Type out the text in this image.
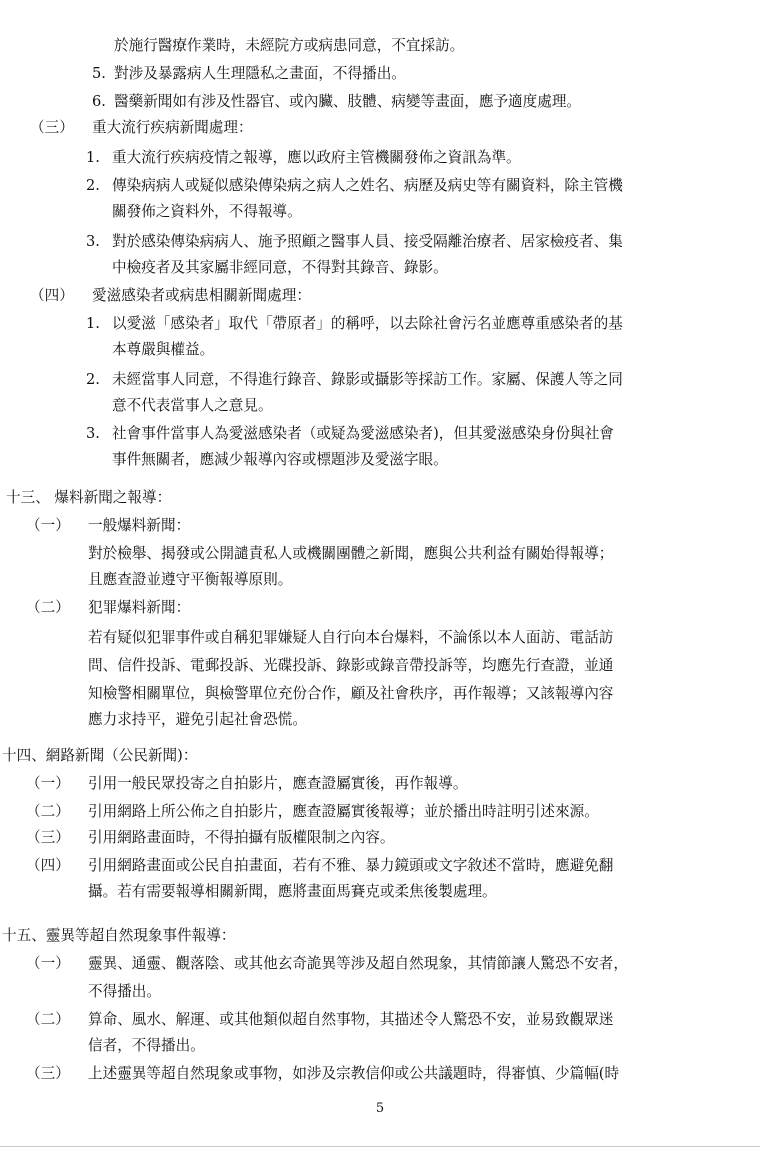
於施行醫療作業時，未經院方或病患同意，不宜採訪。
5. 對涉及暴露病人生理隱私之畫面，不得播出。
6. 醫藥新聞如有涉及性器官、或內臟、肢體、病變等畫面，應予適度處理。
（三） 重大流行疾病新聞處理：
1. 重大流行疾病疫情之報導，應以政府主管機關發佈之資訊為準。
2. 傳染病病人或疑似感染傳染病之病人之姓名、病歷及病史等有關資料，除主管機
關發佈之資料外，不得報導。
3. 對於感染傳染病病人、施予照顧之醫事人員、接受隔離治療者、居家檢疫者、集
中檢疫者及其家屬非經同意，不得對其錄音、錄影。
（四） 愛滋感染者或病患相關新聞處理：
1. 以愛滋「感染者」取代「帶原者」的稱呼，以去除社會污名並應尊重感染者的基
本尊嚴與權益。
2. 未經當事人同意，不得進行錄音、錄影或攝影等採訪工作。家屬、保護人等之同
意不代表當事人之意見。
3. 社會事件當事人為愛滋感染者（或疑為愛滋感染者)，但其愛滋感染身份與社會
事件無關者，應減少報導內容或標題涉及愛滋字眼。
十三、 爆料新聞之報導：
（一） 一般爆料新聞：
對於檢舉、揭發或公開譴責私人或機關團體之新聞，應與公共利益有關始得報導；
且應查證並遵守平衡報導原則。
（二） 犯罪爆料新聞：
若有疑似犯罪事件或自稱犯罪嫌疑人自行向本台爆料，不論係以本人面訪、電話訪
問、信件投訴、電郵投訴、光碟投訴、錄影或錄音帶投訴等，均應先行查證，並通
知檢警相關單位，與檢警單位充份合作，顧及社會秩序，再作報導；又該報導內容
應力求持平，避免引起社會恐慌。
十四、網路新聞（公民新聞)：
（一） 引用一般民眾投寄之自拍影片，應查證屬實後，再作報導。
（二） 引用網路上所公佈之自拍影片，應查證屬實後報導；並於播出時註明引述來源。
（三） 引用網路畫面時，不得拍攝有版權限制之內容。
（四） 引用網路畫面或公民自拍畫面，若有不雅、暴力鏡頭或文字敘述不當時，應避免翻
攝。若有需要報導相關新聞，應將畫面馬賽克或柔焦後製處理。
十五、靈異等超自然現象事件報導：
（一） 靈異、通靈、觀落陰、或其他玄奇詭異等涉及超自然現象，其情節讓人驚恐不安者，
不得播出。
（二） 算命、風水、解運、或其他類似超自然事物，其描述令人驚恐不安，並易致觀眾迷
信者，不得播出。
（三） 上述靈異等超自然現象或事物，如涉及宗教信仰或公共議題時，得審慎、少篇幅(時
5
